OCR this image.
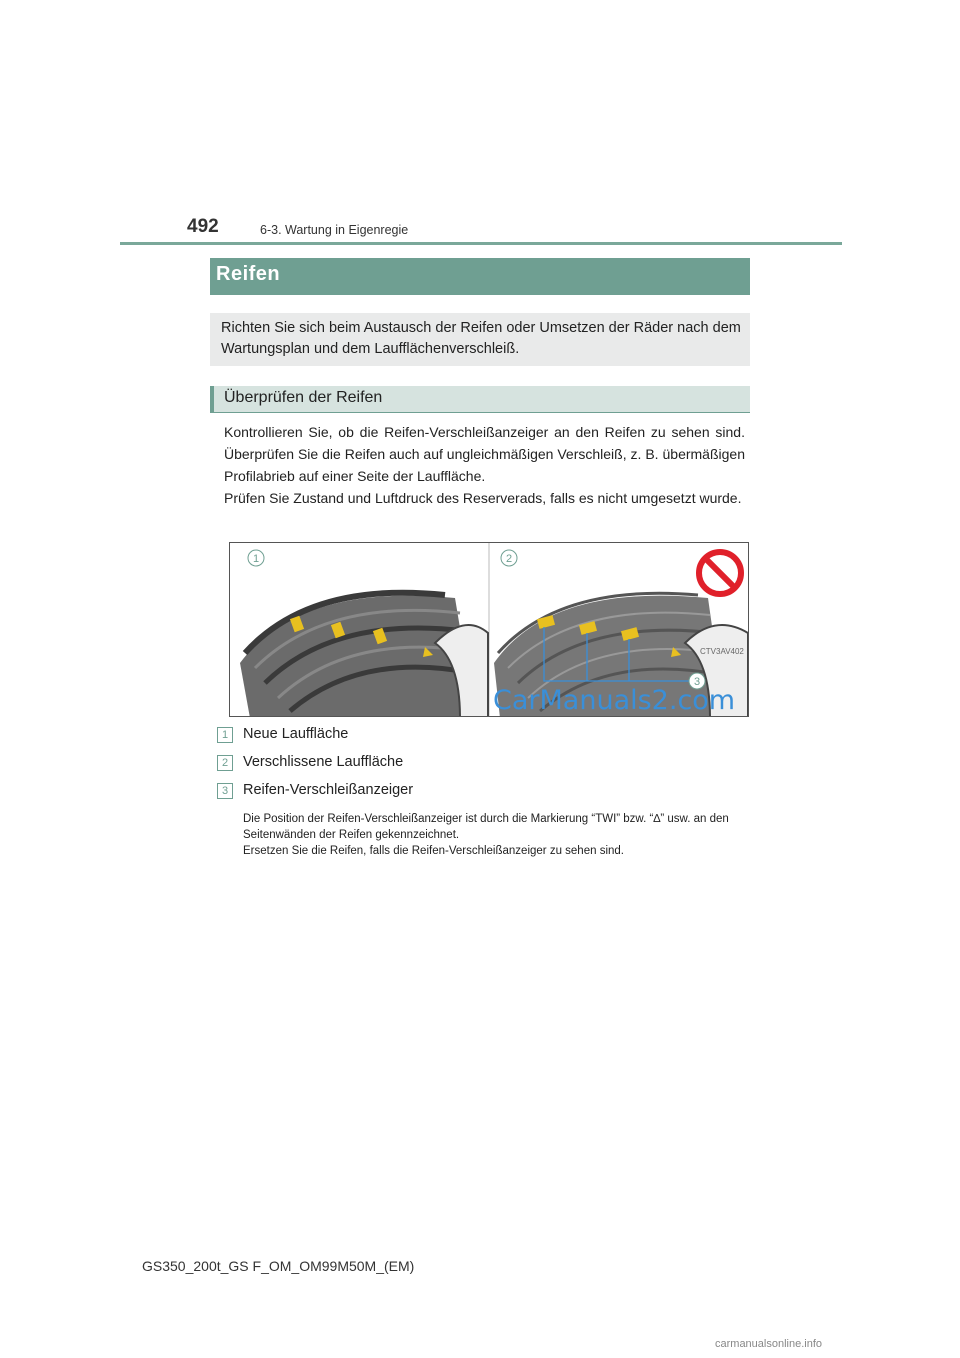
492	6-3. Wartung in Eigenregie
Reifen

Richten Sie sich beim Austausch der Reifen oder Umsetzen der Räder nach dem Wartungsplan und dem Laufflächenverschleiß.

Überprüfen der Reifen

Kontrollieren Sie, ob die Reifen-Verschleißanzeiger an den Reifen zu sehen sind. Überprüfen Sie die Reifen auch auf ungleichmäßigen Verschleiß, z. B. übermäßigen Profilabrieb auf einer Seite der Lauffläche.

Prüfen Sie Zustand und Luftdruck des Reserverads, falls es nicht umgesetzt wurde.

1	2
3
CTV3AV402
CarManuals2.com
1	Neue Lauffläche
2	Verschlissene Lauffläche
3	Reifen-Verschleißanzeiger

Die Position der Reifen-Verschleißanzeiger ist durch die Markierung “TWI” bzw. “∆” usw. an den Seitenwänden der Reifen gekennzeichnet.

Ersetzen Sie die Reifen, falls die Reifen-Verschleißanzeiger zu sehen sind.

GS350_200t_GS F_OM_OM99M50M_(EM)
carmanualsonline.info
